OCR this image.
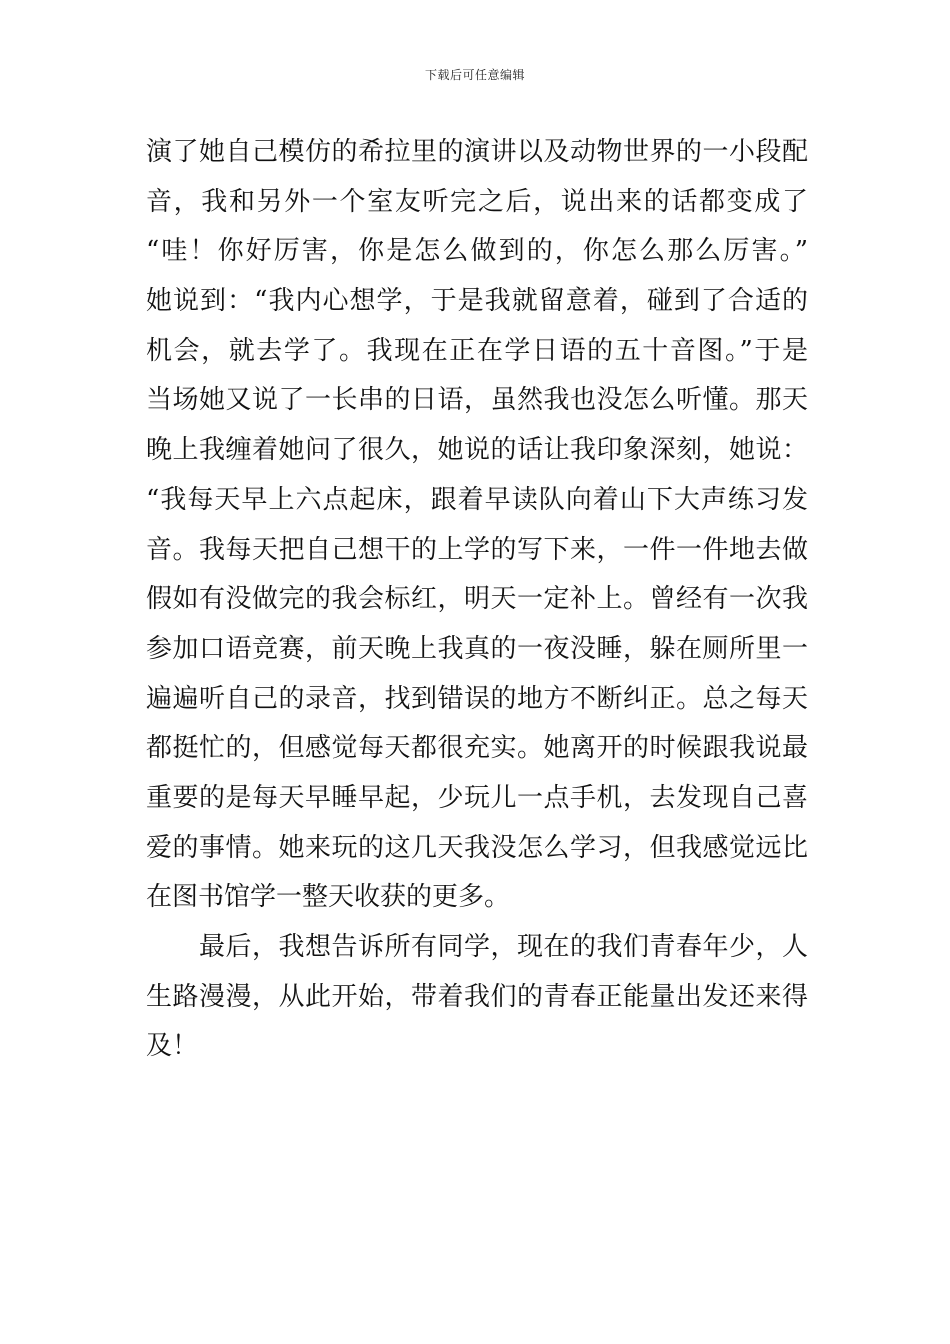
下载后可任意编辑
演了她自己模仿的希拉里的演讲以及动物世界的一小段配
音，我和另外一个室友听完之后，说出来的话都变成了
“哇！你好厉害，你是怎么做到的，你怎么那么厉害。”
她说到：“我内心想学，于是我就留意着，碰到了合适的
机会，就去学了。我现在正在学日语的五十音图。”于是
当场她又说了一长串的日语，虽然我也没怎么听懂。那天
晚上我缠着她问了很久，她说的话让我印象深刻，她说：
“我每天早上六点起床，跟着早读队向着山下大声练习发
音。我每天把自己想干的上学的写下来，一件一件地去做
假如有没做完的我会标红，明天一定补上。曾经有一次我
参加口语竞赛，前天晚上我真的一夜没睡，躲在厕所里一
遍遍听自己的录音，找到错误的地方不断纠正。总之每天
都挺忙的，但感觉每天都很充实。她离开的时候跟我说最
重要的是每天早睡早起，少玩儿一点手机，去发现自己喜
爱的事情。她来玩的这几天我没怎么学习，但我感觉远比
在图书馆学一整天收获的更多。
　　最后，我想告诉所有同学，现在的我们青春年少，人
生路漫漫，从此开始，带着我们的青春正能量出发还来得
及！
